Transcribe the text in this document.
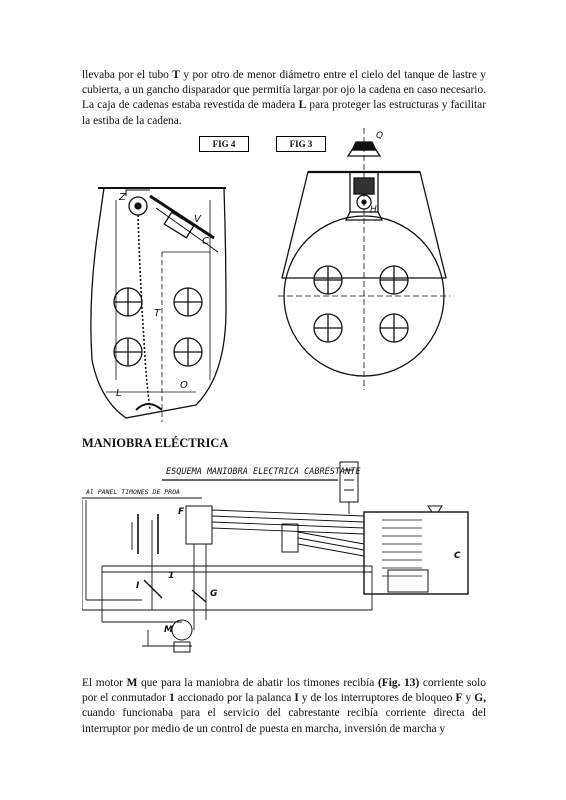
llevaba por el tubo T y por otro de menor diámetro entre el cielo del tanque de lastre y cubierta, a un gancho disparador que permitía largar por ojo la cadena en caso necesario. La caja de cadenas estaba revestida de madera L para proteger las estructuras y facilitar la estiba de la cadena.

FIG 4	FIG 3
Z
V
C
T
L
O
Q
H
MANIOBRA ELÉCTRICA
ESQUEMA MANIOBRA ELECTRICA CABRESTANTE
Al PANEL TIMONES DE PROA
F
C
I
M
G
1

El motor M que para la maniobra de abatir los timones recibía (Fig. 13) corriente solo por el conmutador 1 accionado por la palanca I y de los interruptores de bloqueo F y G, cuando funcionaba para el servicio del cabrestante recibía corriente directa del interruptor por medio de un control de puesta en marcha, inversión de marcha y
